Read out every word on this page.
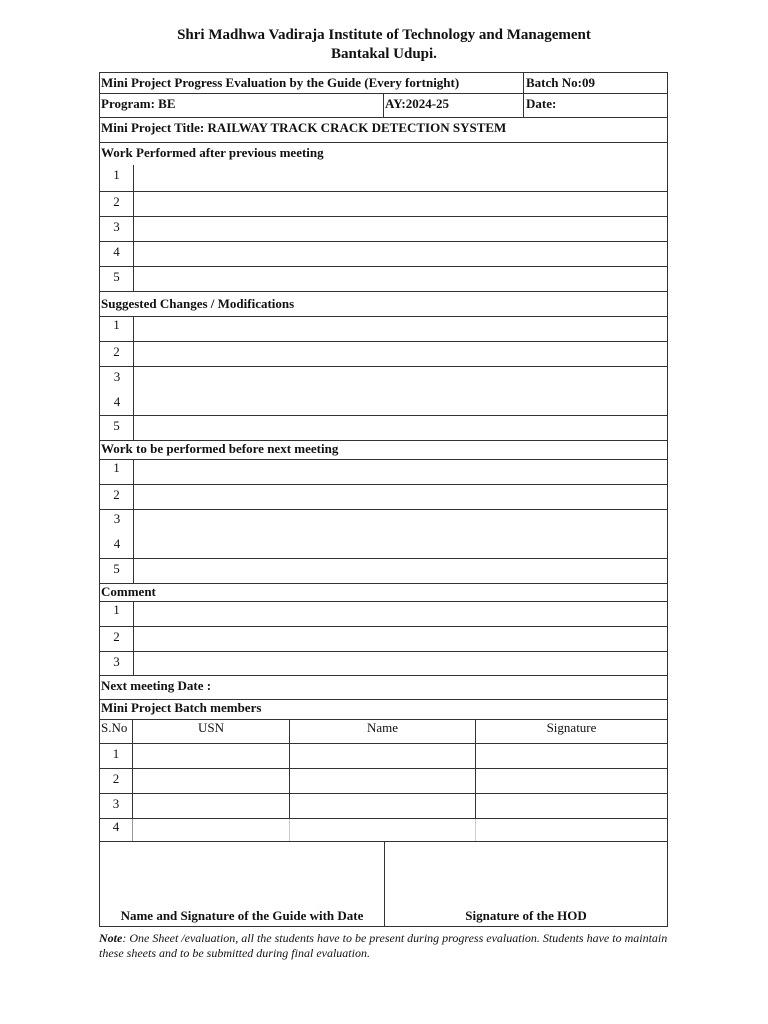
Shri Madhwa Vadiraja Institute of Technology and Management
Bantakal Udupi.
Mini Project Progress Evaluation by the Guide (Every fortnight)	Batch No:09
Program: BE	AY:2024-25	Date:
Mini Project Title: RAILWAY TRACK CRACK DETECTION SYSTEM
Work Performed after previous meeting
1
2
3
4
5
Suggested Changes / Modifications
1
2
3
4
5
Work to be performed before next meeting
1
2
3
4
5
Comment
1
2
3
Next meeting Date :
Mini Project Batch members
S.No	USN	Name	Signature
1
2
3
4
Name and Signature of the Guide with Date	Signature of the HOD
Note: One Sheet /evaluation, all the students have to be present during progress evaluation. Students have to maintain these sheets and to be submitted during final evaluation.
